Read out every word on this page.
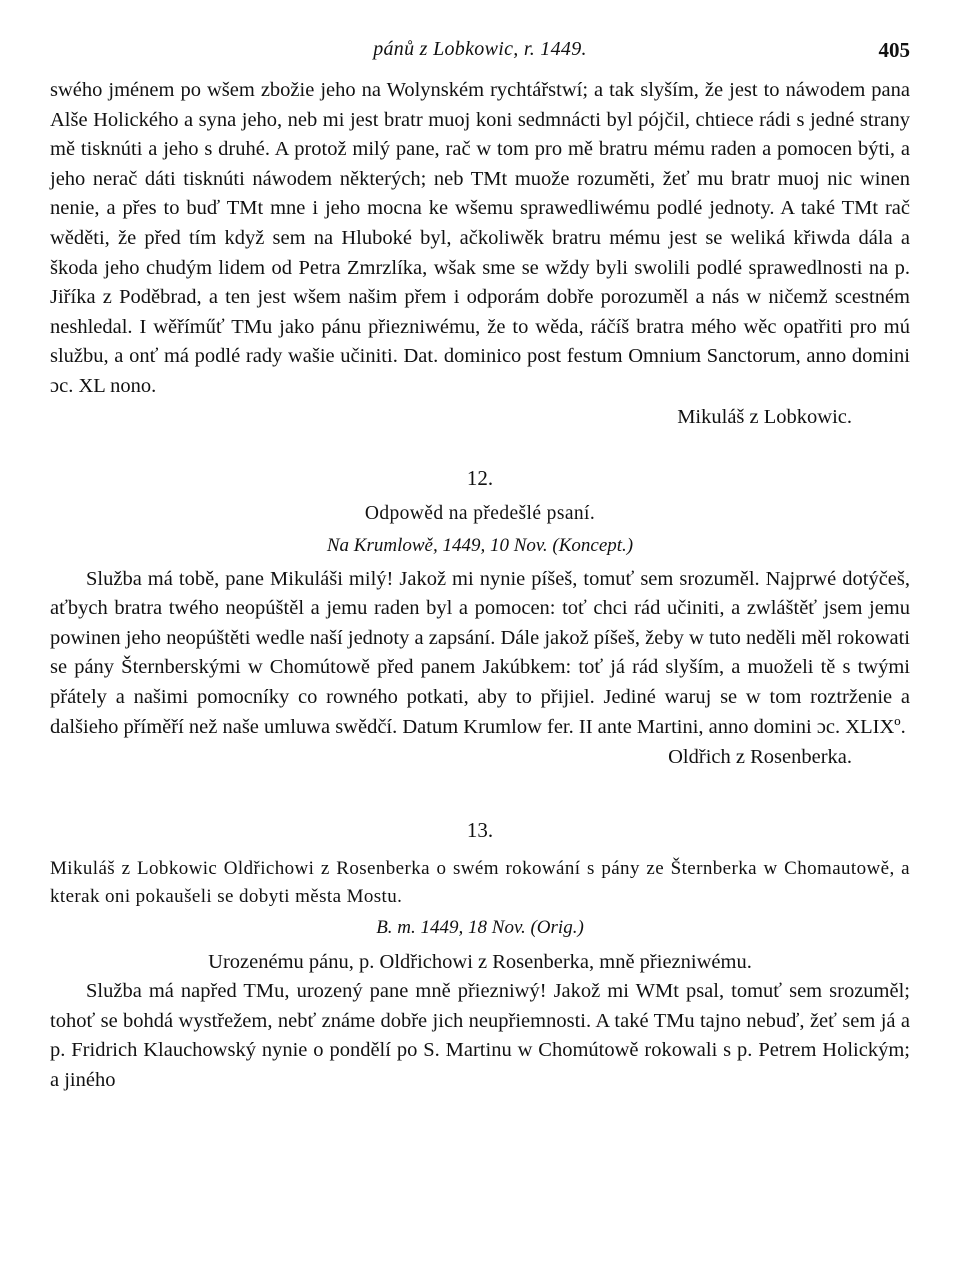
pánů z Lobkowic, r. 1449.	405

swého jménem po wšem zbožie jeho na Wolynském rychtářstwí; a tak slyším, že jest to náwodem pana Alše Holického a syna jeho, neb mi jest bratr muoj koni sedmnácti byl pójčil, chtiece rádi s jedné strany mě tisknúti a jeho s druhé. A protož milý pane, rač w tom pro mě bratru mému raden a pomocen býti, a jeho nerač dáti tisknúti náwodem některých; neb TMt muože rozuměti, žeť mu bratr muoj nic winen nenie, a přes to buď TMt mne i jeho mocna ke wšemu sprawedliwému podlé jednoty. A také TMt rač wěděti, že před tím když sem na Hluboké byl, ačkoliwěk bratru mému jest se weliká křiwda dála a škoda jeho chudým lidem od Petra Zmrzlíka, wšak sme se wždy byli swolili podlé sprawedlnosti na p. Jiříka z Poděbrad, a ten jest wšem našim přem i odporám dobře porozuměl a nás w ničemž scestném neshledal. I wěříműť TMu jako pánu přiezniwému, že to wěda, ráčíš bratra mého wěc opatřiti pro mú službu, a onť má podlé rady wašie učiniti. Dat. dominico post festum Omnium Sanctorum, anno domini ɔc. XL nono.

Mikuláš z Lobkowic.
12.
Odpowěd na předešlé psaní.
Na Krumlowě, 1449, 10 Nov. (Koncept.)

Služba má tobě, pane Mikuláši milý! Jakož mi nynie píšeš, tomuť sem srozuměl. Najprwé dotýčeš, aťbych bratra twého neopúštěl a jemu raden byl a pomocen: toť chci rád učiniti, a zwláštěť jsem jemu powinen jeho neopúštěti wedle naší jednoty a zapsání. Dále jakož píšeš, žeby w tuto neděli měl rokowati se pány Šternberskými w Chomútowě před panem Jakúbkem: toť já rád slyším, a muoželi tě s twými přátely a našimi pomocníky co rowného potkati, aby to přijiel. Jediné waruj se w tom roztrženie a dalšieho příměří než naše umluwa swědčí. Datum Krumlow fer. II ante Martini, anno domini ɔc. XLIXº.

Oldřich z Rosenberka.
13.
Mikuláš z Lobkowic Oldřichowi z Rosenberka o swém rokowání s pány ze Šternberka w Chomautowě, a kterak oni pokaušeli se dobyti města Mostu.
B. m. 1449, 18 Nov. (Orig.)
Urozenému pánu, p. Oldřichowi z Rosenberka, mně přiezniwému.

Služba má napřed TMu, urozený pane mně přiezniwý! Jakož mi WMt psal, tomuť sem srozuměl; tohoť se bohdá wystřežem, nebť známe dobře jich neupřiemnosti. A také TMu tajno nebuď, žeť sem já a p. Fridrich Klauchowský nynie o pondělí po S. Martinu w Chomútowě rokowali s p. Petrem Holickým; a jiného
